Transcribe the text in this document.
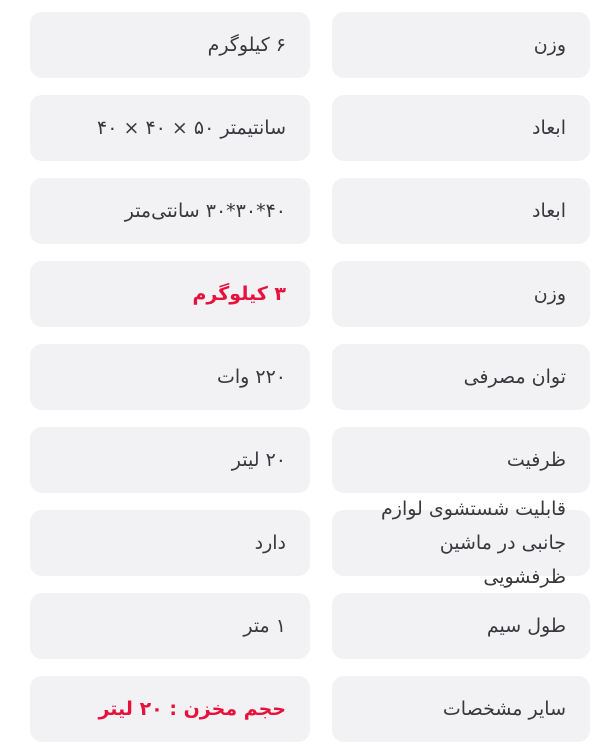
وزن
۶ کیلوگرم
ابعاد
سانتیمتر ۵۰ × ۴۰ × ۴۰
ابعاد
۴۰*۳۰*۳۰ سانتی‌متر
وزن
۳ کیلوگرم
توان مصرفی
۲۲۰ وات
ظرفیت
۲۰ لیتر
قابلیت شستشوی لوازم جانبی در ماشین ظرفشویی
دارد
طول سیم
۱ متر
سایر مشخصات
حجم مخزن : ۲۰ لیتر
